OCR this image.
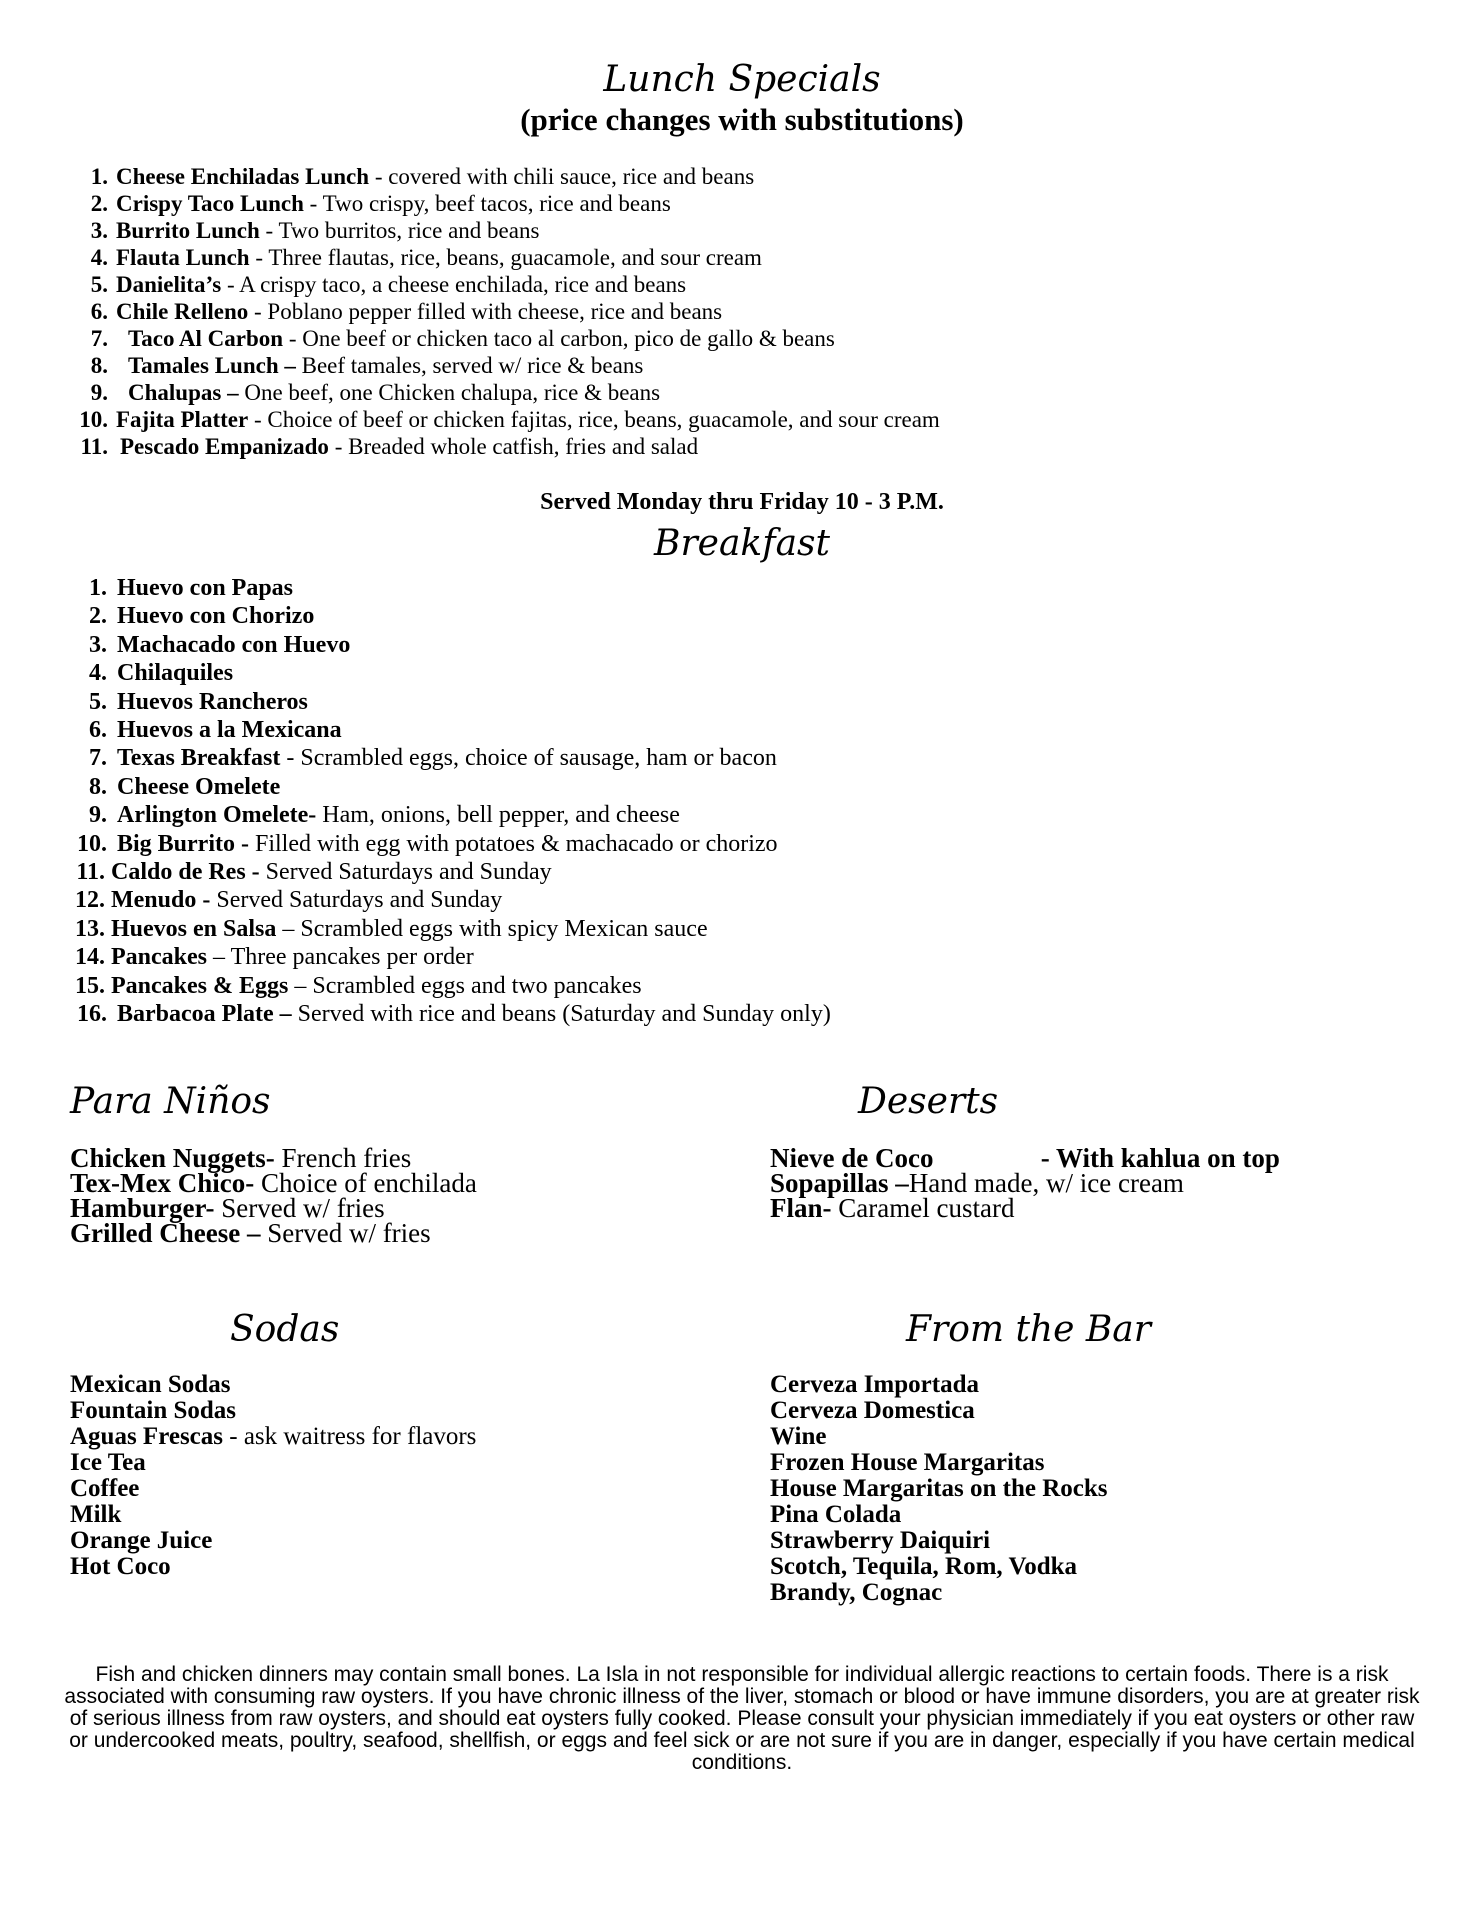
Lunch Specials
(price changes with substitutions)
1. Cheese Enchiladas Lunch - covered with chili sauce, rice and beans
2. Crispy Taco Lunch - Two crispy, beef tacos, rice and beans
3. Burrito Lunch - Two burritos, rice and beans
4. Flauta Lunch - Three flautas, rice, beans, guacamole, and sour cream
5. Danielita’s - A crispy taco, a cheese enchilada, rice and beans
6. Chile Relleno - Poblano pepper filled with cheese, rice and beans
7. Taco Al Carbon - One beef or chicken taco al carbon, pico de gallo & beans
8. Tamales Lunch – Beef tamales, served w/ rice & beans
9. Chalupas – One beef, one Chicken chalupa, rice & beans
10. Fajita Platter - Choice of beef or chicken fajitas, rice, beans, guacamole, and sour cream
11. Pescado Empanizado - Breaded whole catfish, fries and salad
Served Monday thru Friday 10 - 3 P.M.
Breakfast
1. Huevo con Papas
2. Huevo con Chorizo
3. Machacado con Huevo
4. Chilaquiles
5. Huevos Rancheros
6. Huevos a la Mexicana
7. Texas Breakfast - Scrambled eggs, choice of sausage, ham or bacon
8. Cheese Omelete
9. Arlington Omelete- Ham, onions, bell pepper, and cheese
10. Big Burrito - Filled with egg with potatoes & machacado or chorizo
11. Caldo de Res - Served Saturdays and Sunday
12. Menudo - Served Saturdays and Sunday
13. Huevos en Salsa – Scrambled eggs with spicy Mexican sauce
14. Pancakes – Three pancakes per order
15. Pancakes & Eggs – Scrambled eggs and two pancakes
16. Barbacoa Plate – Served with rice and beans (Saturday and Sunday only)
Para Niños
Chicken Nuggets- French fries
Tex-Mex Chico- Choice of enchilada
Hamburger- Served w/ fries
Grilled Cheese – Served w/ fries
Deserts
Nieve de Coco	- With kahlua on top
Sopapillas –Hand made, w/ ice cream
Flan- Caramel custard
Sodas
Mexican Sodas
Fountain Sodas
Aguas Frescas - ask waitress for flavors
Ice Tea
Coffee
Milk
Orange Juice
Hot Coco
From the Bar
Cerveza Importada
Cerveza Domestica
Wine
Frozen House Margaritas
House Margaritas on the Rocks
Pina Colada
Strawberry Daiquiri
Scotch, Tequila, Rom, Vodka
Brandy, Cognac
Fish and chicken dinners may contain small bones. La Isla in not responsible for individual allergic reactions to certain foods. There is a risk associated with consuming raw oysters. If you have chronic illness of the liver, stomach or blood or have immune disorders, you are at greater risk of serious illness from raw oysters, and should eat oysters fully cooked. Please consult your physician immediately if you eat oysters or other raw or undercooked meats, poultry, seafood, shellfish, or eggs and feel sick or are not sure if you are in danger, especially if you have certain medical conditions.
